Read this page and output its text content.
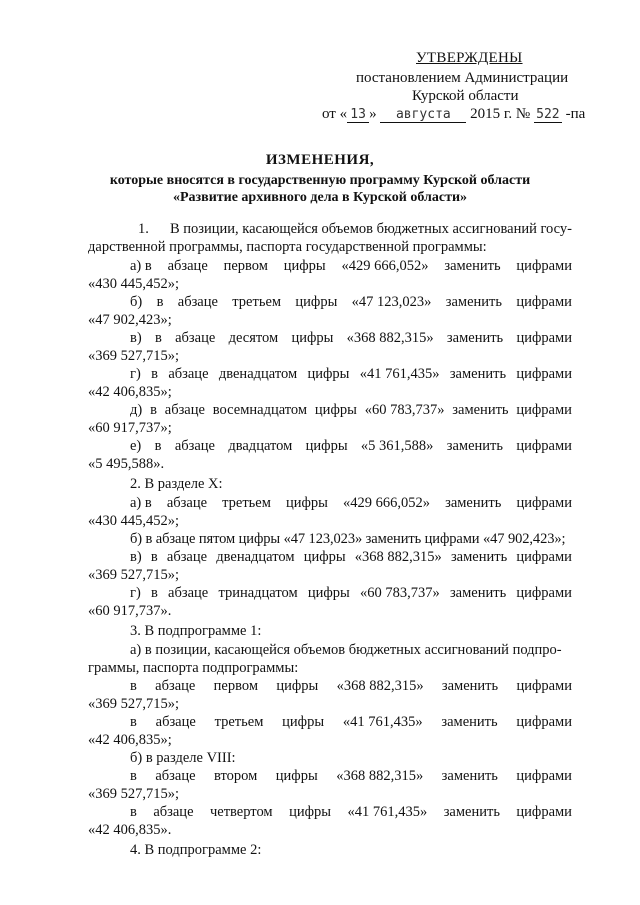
УТВЕРЖДЕНЫ
постановлением Администрации
Курской области
от « 13 » августа 2015 г. № 522 -па
ИЗМЕНЕНИЯ,
которые вносятся в государственную программу Курской области
«Развитие архивного дела в Курской области»
1. В позиции, касающейся объемов бюджетных ассигнований госу-
дарственной программы, паспорта государственной программы:
а) в абзаце первом цифры «429 666,052» заменить цифрами
«430 445,452»;
б) в абзаце третьем цифры «47 123,023» заменить цифрами
«47 902,423»;
в) в абзаце десятом цифры «368 882,315» заменить цифрами
«369 527,715»;
г) в абзаце двенадцатом цифры «41 761,435» заменить цифрами
«42 406,835»;
д) в абзаце восемнадцатом цифры «60 783,737» заменить цифрами
«60 917,737»;
е) в абзаце двадцатом цифры «5 361,588» заменить цифрами
«5 495,588».
2. В разделе X:
а) в абзаце третьем цифры «429 666,052» заменить цифрами
«430 445,452»;
б) в абзаце пятом цифры «47 123,023» заменить цифрами «47 902,423»;
в) в абзаце двенадцатом цифры «368 882,315» заменить цифрами
«369 527,715»;
г) в абзаце тринадцатом цифры «60 783,737» заменить цифрами
«60 917,737».
3. В подпрограмме 1:
а) в позиции, касающейся объемов бюджетных ассигнований подпро-
граммы, паспорта подпрограммы:
в абзаце первом цифры «368 882,315» заменить цифрами
«369 527,715»;
в абзаце третьем цифры «41 761,435» заменить цифрами
«42 406,835»;
б) в разделе VIII:
в абзаце втором цифры «368 882,315» заменить цифрами
«369 527,715»;
в абзаце четвертом цифры «41 761,435» заменить цифрами
«42 406,835».
4. В подпрограмме 2:
